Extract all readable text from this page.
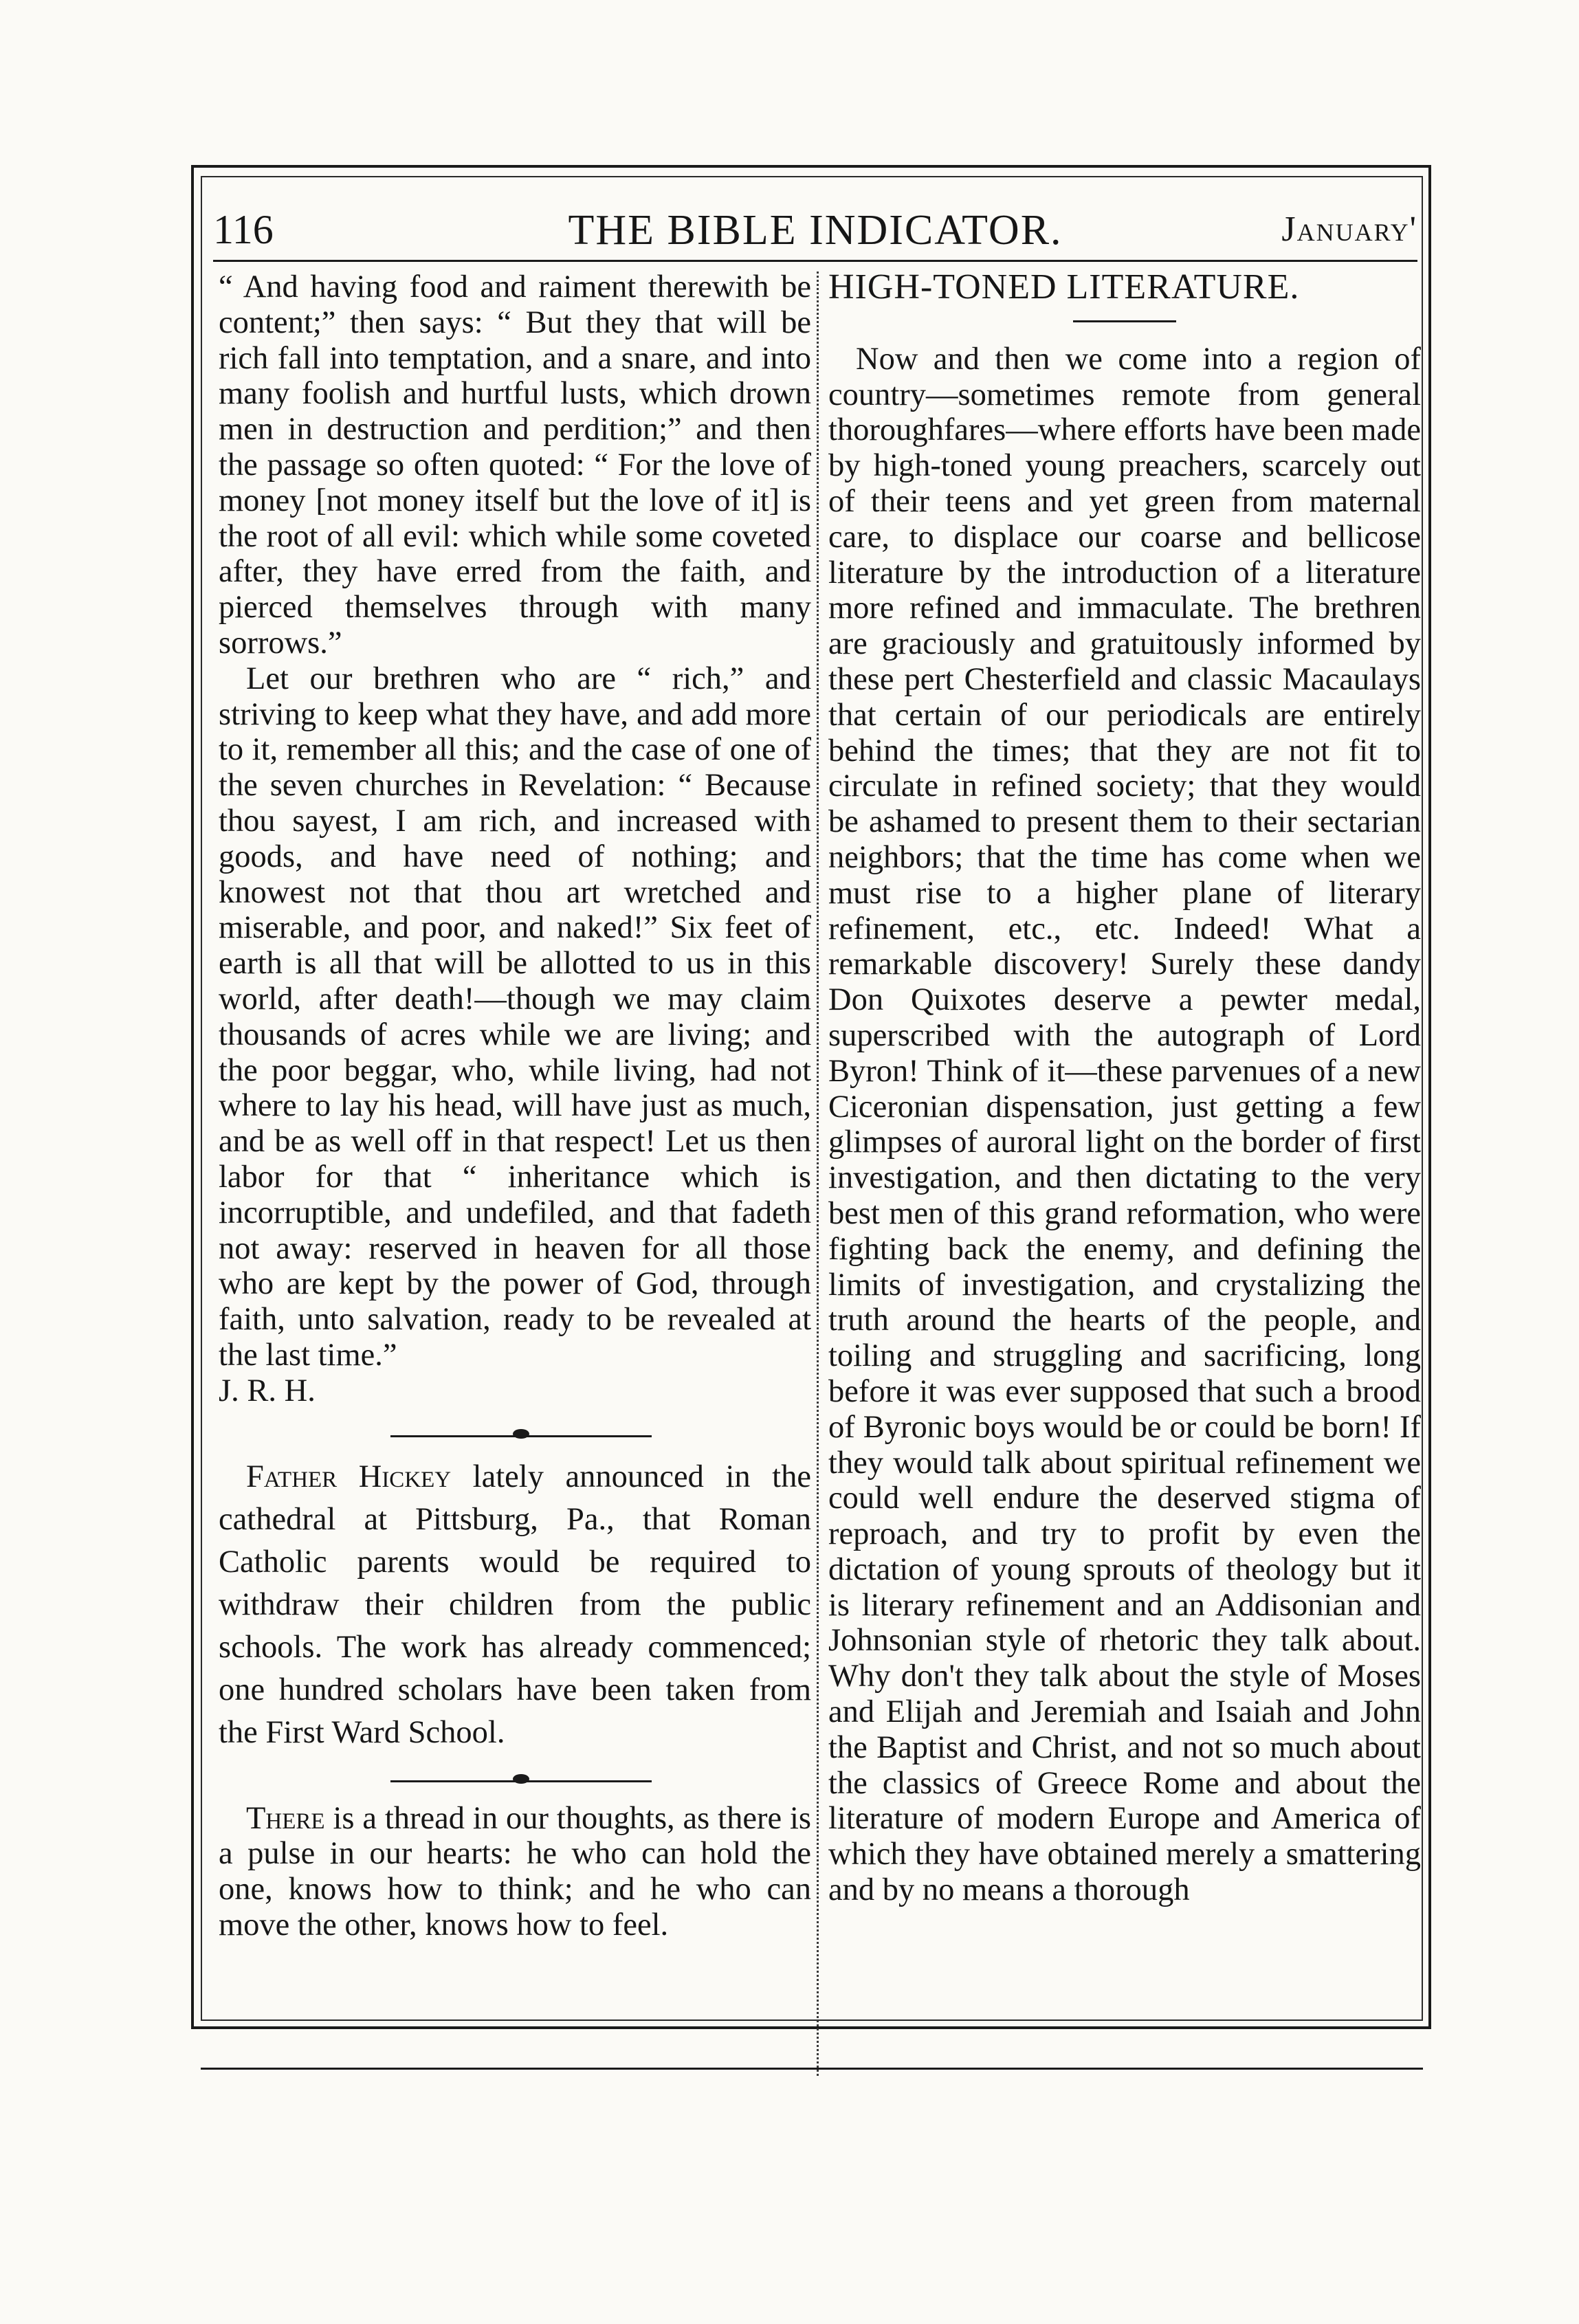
116	THE BIBLE INDICATOR.	January'

“ And having food and raiment therewith be content;” then says: “ But they that will be rich fall into temptation, and a snare, and into many foolish and hurtful lusts, which drown men in destruction and perdition;” and then the passage so often quoted: “ For the love of money [not money itself but the love of it] is the root of all evil: which while some coveted after, they have erred from the faith, and pierced themselves through with many sorrows.”

Let our brethren who are “ rich,” and striving to keep what they have, and add more to it, remember all this; and the case of one of the seven churches in Revelation: “ Because thou sayest, I am rich, and increased with goods, and have need of nothing; and knowest not that thou art wretched and miserable, and poor, and naked!” Six feet of earth is all that will be allotted to us in this world, after death!—though we may claim thousands of acres while we are living; and the poor beggar, who, while living, had not where to lay his head, will have just as much, and be as well off in that respect! Let us then labor for that “ inheritance which is incorruptible, and undefiled, and that fadeth not away: reserved in heaven for all those who are kept by the power of God, through faith, unto salvation, ready to be revealed at the last time.”

J. R. H.

Father Hickey lately announced in the cathedral at Pittsburg, Pa., that Roman Catholic parents would be required to withdraw their children from the public schools. The work has already commenced; one hundred scholars have been taken from the First Ward School.

There is a thread in our thoughts, as there is a pulse in our hearts: he who can hold the one, knows how to think; and he who can move the other, knows how to feel.

HIGH-TONED LITERATURE.

Now and then we come into a region of country—sometimes remote from general thoroughfares—where efforts have been made by high-toned young preachers, scarcely out of their teens and yet green from maternal care, to displace our coarse and bellicose literature by the introduction of a literature more refined and immaculate. The brethren are graciously and gratuitously informed by these pert Chesterfield and classic Macaulays that certain of our periodicals are entirely behind the times; that they are not fit to circulate in refined society; that they would be ashamed to present them to their sectarian neighbors; that the time has come when we must rise to a higher plane of literary refinement, etc., etc. Indeed! What a remarkable discovery! Surely these dandy Don Quixotes deserve a pewter medal, superscribed with the autograph of Lord Byron! Think of it—these parvenues of a new Ciceronian dispensation, just getting a few glimpses of auroral light on the border of first investigation, and then dictating to the very best men of this grand reformation, who were fighting back the enemy, and defining the limits of investigation, and crystalizing the truth around the hearts of the people, and toiling and struggling and sacrificing, long before it was ever supposed that such a brood of Byronic boys would be or could be born! If they would talk about spiritual refinement we could well endure the deserved stigma of reproach, and try to profit by even the dictation of young sprouts of theology but it is literary refinement and an Addisonian and Johnsonian style of rhetoric they talk about. Why don't they talk about the style of Moses and Elijah and Jeremiah and Isaiah and John the Baptist and Christ, and not so much about the classics of Greece Rome and about the literature of modern Europe and America of which they have obtained merely a smattering and by no means a thorough
